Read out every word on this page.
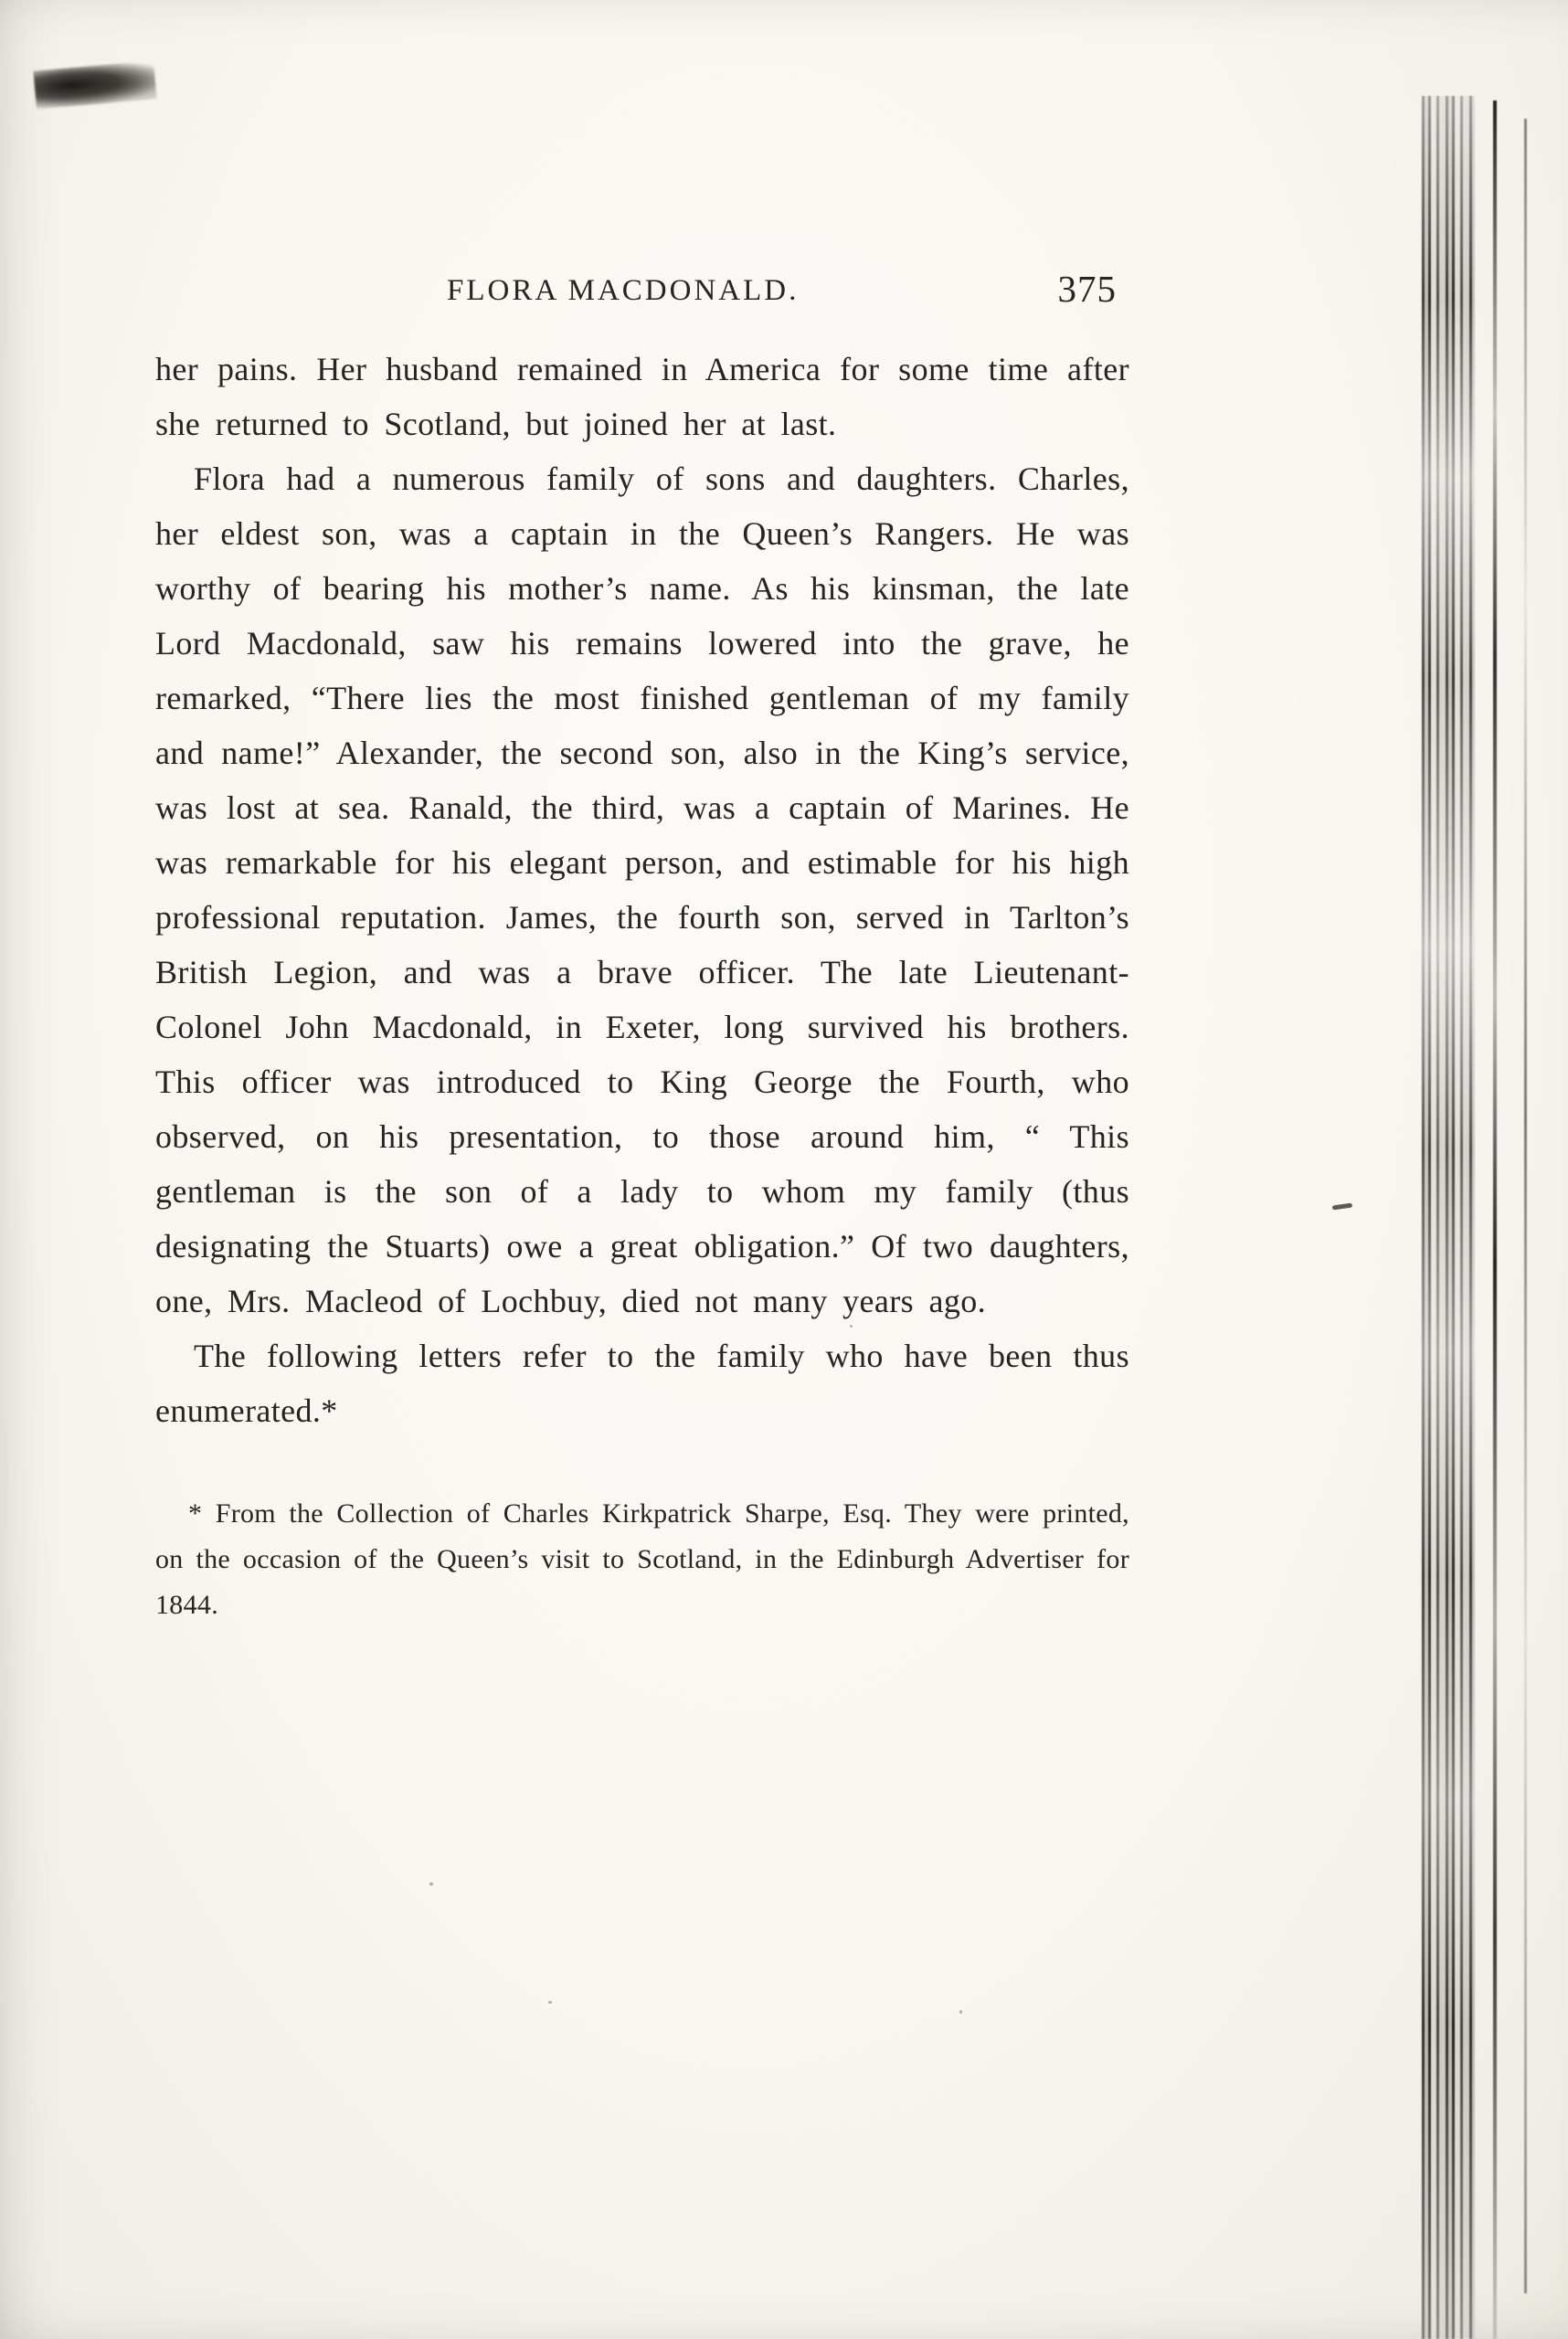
FLORA MACDONALD.	375

her pains. Her husband remained in America for some time after she returned to Scotland, but joined her at last.

Flora had a numerous family of sons and daughters. Charles, her eldest son, was a captain in the Queen’s Rangers. He was worthy of bearing his mother’s name. As his kinsman, the late Lord Macdonald, saw his remains lowered into the grave, he remarked, “There lies the most finished gentleman of my family and name!” Alexander, the second son, also in the King’s service, was lost at sea. Ranald, the third, was a captain of Marines. He was remarkable for his elegant person, and estimable for his high professional reputation. James, the fourth son, served in Tarlton’s British Legion, and was a brave officer. The late Lieutenant-Colonel John Macdonald, in Exeter, long survived his brothers. This officer was introduced to King George the Fourth, who observed, on his presentation, to those around him, “ This gentleman is the son of a lady to whom my family (thus designating the Stuarts) owe a great obligation.” Of two daughters, one, Mrs. Macleod of Lochbuy, died not many years ago.

The following letters refer to the family who have been thus enumerated.*

* From the Collection of Charles Kirkpatrick Sharpe, Esq. They were printed, on the occasion of the Queen’s visit to Scotland, in the Edinburgh Advertiser for 1844.
